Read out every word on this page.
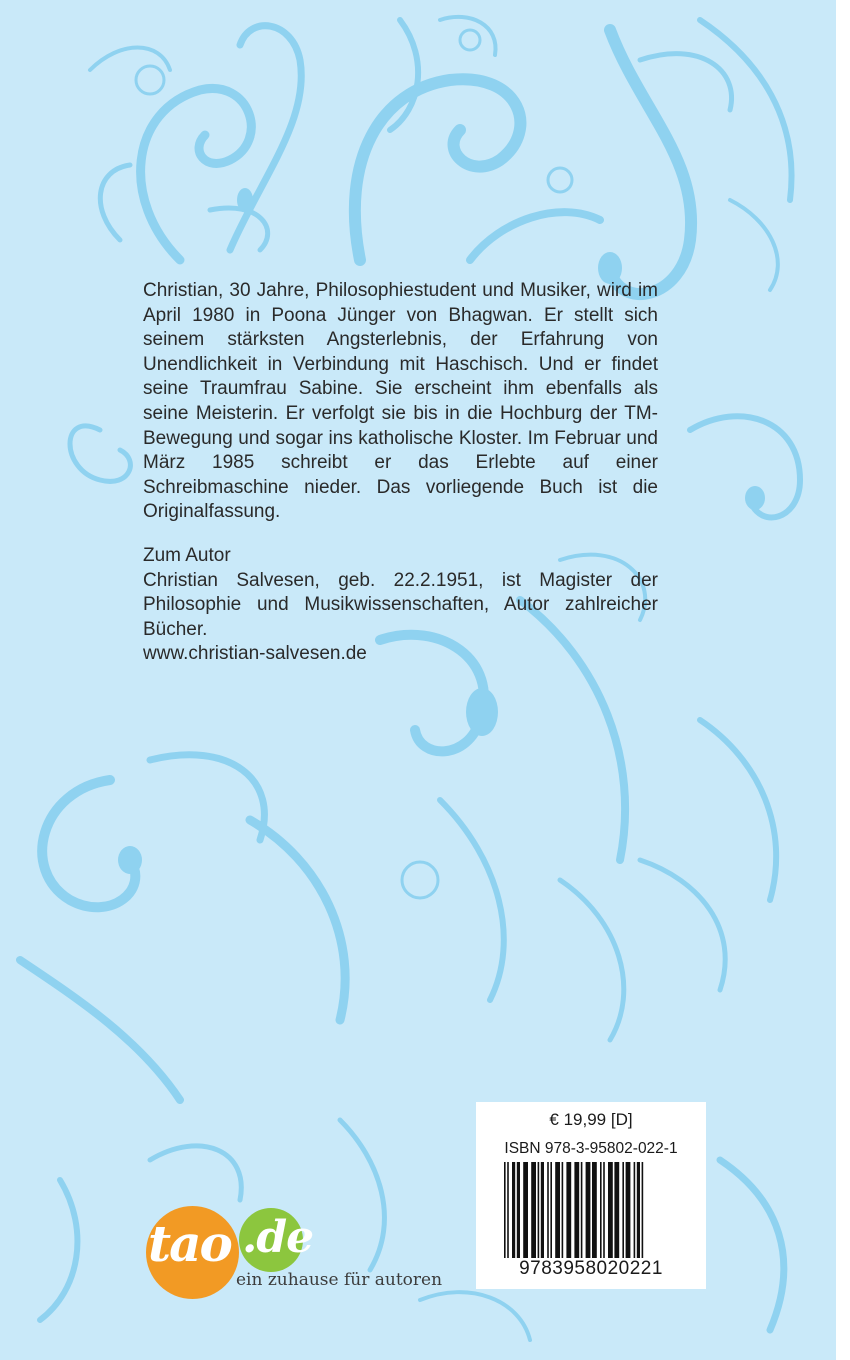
Christian, 30 Jahre, Philosophiestudent und Musiker, wird im April 1980 in Poona Jünger von Bhagwan. Er stellt sich seinem stärksten Angsterlebnis, der Erfahrung von Unendlichkeit in Verbindung mit Haschisch. Und er findet seine Traumfrau Sabine. Sie erscheint ihm ebenfalls als seine Meisterin. Er verfolgt sie bis in die Hochburg der TM-Bewegung und sogar ins katholische Kloster. Im Februar und März 1985 schreibt er das Erlebte auf einer Schreibmaschine nieder. Das vorliegende Buch ist die Originalfassung.
Zum Autor
Christian Salvesen, geb. 22.2.1951, ist Magister der Philosophie und Musikwissenschaften, Autor zahlreicher Bücher.
www.christian-salvesen.de
€ 19,99 [D]
ISBN 978-3-95802-022-1
9783958020221
tao .de
ein zuhause für autoren
